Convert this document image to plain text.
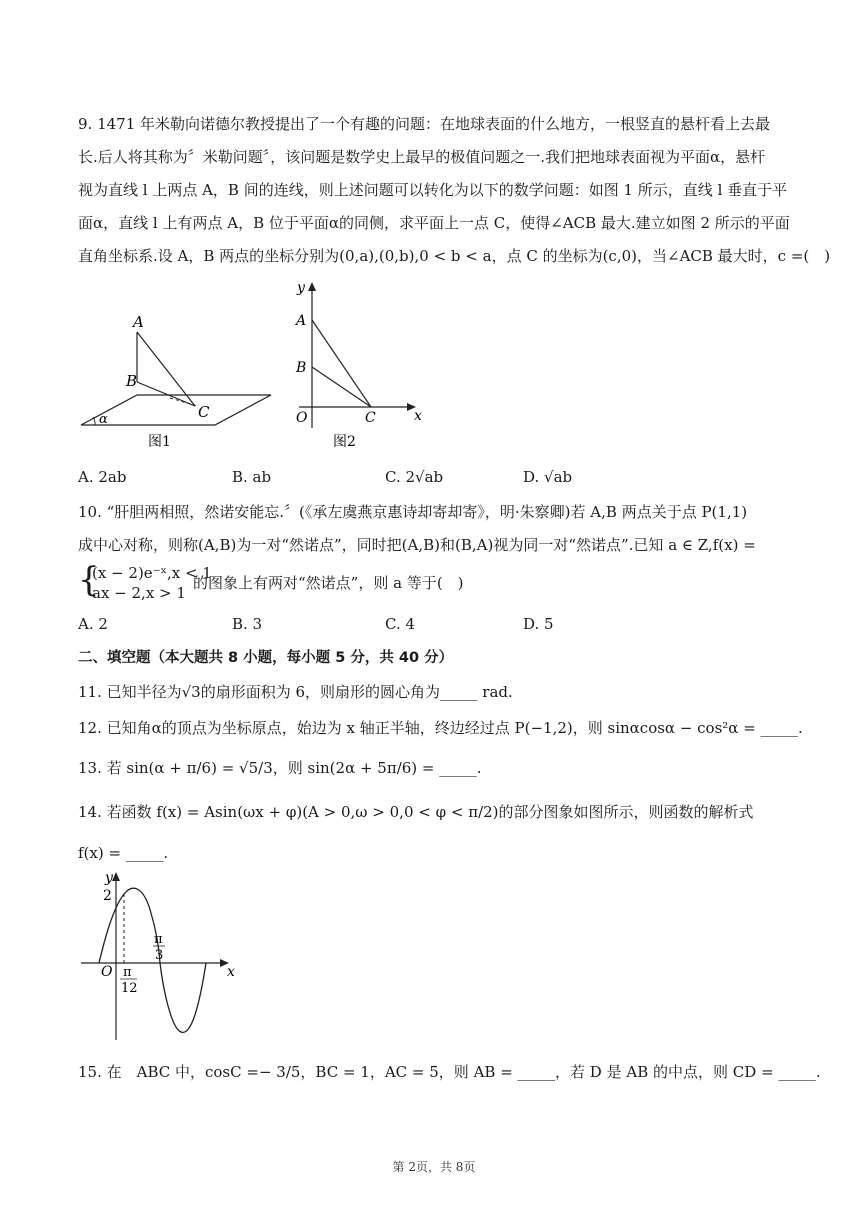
9. 1471 年米勒向诺德尔教授提出了一个有趣的问题：在地球表面的什么地方，一根竖直的悬杆看上去最
长.后人将其称为〞米勒问题〞，该问题是数学史上最早的极值问题之一.我们把地球表面视为平面α，悬杆
视为直线 l 上两点 A，B 间的连线，则上述问题可以转化为以下的数学问题：如图 1 所示，直线 l 垂直于平
面α，直线 l 上有两点 A，B 位于平面α的同侧，求平面上一点 C，使得∠ACB 最大.建立如图 2 所示的平面
直角坐标系.设 A，B 两点的坐标分别为(0,a),(0,b),0 < b < a，点 C 的坐标为(c,0)，当∠ACB 最大时，c =(　)
A
B
C
α
图1
y
x
A
B
O	C
图2
A. 2ab	B. ab	C. 2√ab	D. √ab
10. “肝胆两相照，然诺安能忘.〞(《承左虞燕京惠诗却寄却寄》，明·朱察卿)若 A,B 两点关于点 P(1,1)
成中心对称，则称(A,B)为一对“然诺点”，同时把(A,B)和(B,A)视为同一对“然诺点”.已知 a ∈ Z,f(x) =
{
(x − 2)e⁻ˣ,x < 1
ax − 2,x > 1
的图象上有两对“然诺点”，则 a 等于(　)
A. 2	B. 3	C. 4	D. 5
二、填空题（本大题共 8 小题，每小题 5 分，共 40 分）
11. 已知半径为√3的扇形面积为 6，则扇形的圆心角为_____ rad.
12. 已知角α的顶点为坐标原点，始边为 x 轴正半轴，终边经过点 P(−1,2)，则 sinαcosα − cos²α = _____.
13. 若 sin(α + π/6) = √5/3，则 sin(2α + 5π/6) = _____.
14. 若函数 f(x) = Asin(ωx + φ)(A > 0,ω > 0,0 < φ < π/2)的部分图象如图所示，则函数的解析式
f(x) = _____.
y
2
x
O
π
3
π
12
15. 在　ABC 中，cosC =− 3/5，BC = 1，AC = 5，则 AB = _____，若 D 是 AB 的中点，则 CD = _____.
第 2页，共 8页
